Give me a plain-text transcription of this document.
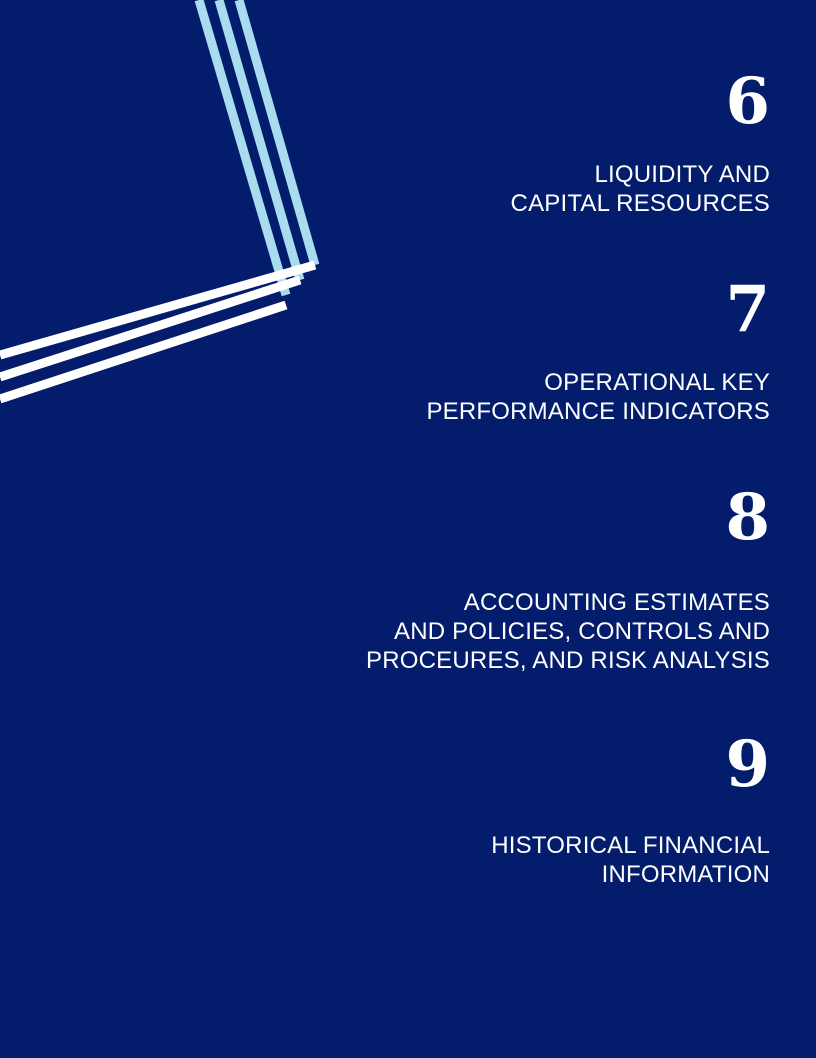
6
LIQUIDITY AND
CAPITAL RESOURCES
7
OPERATIONAL KEY
PERFORMANCE INDICATORS
8
ACCOUNTING ESTIMATES
AND POLICIES, CONTROLS AND
PROCEURES, AND RISK ANALYSIS
9
HISTORICAL FINANCIAL
INFORMATION
